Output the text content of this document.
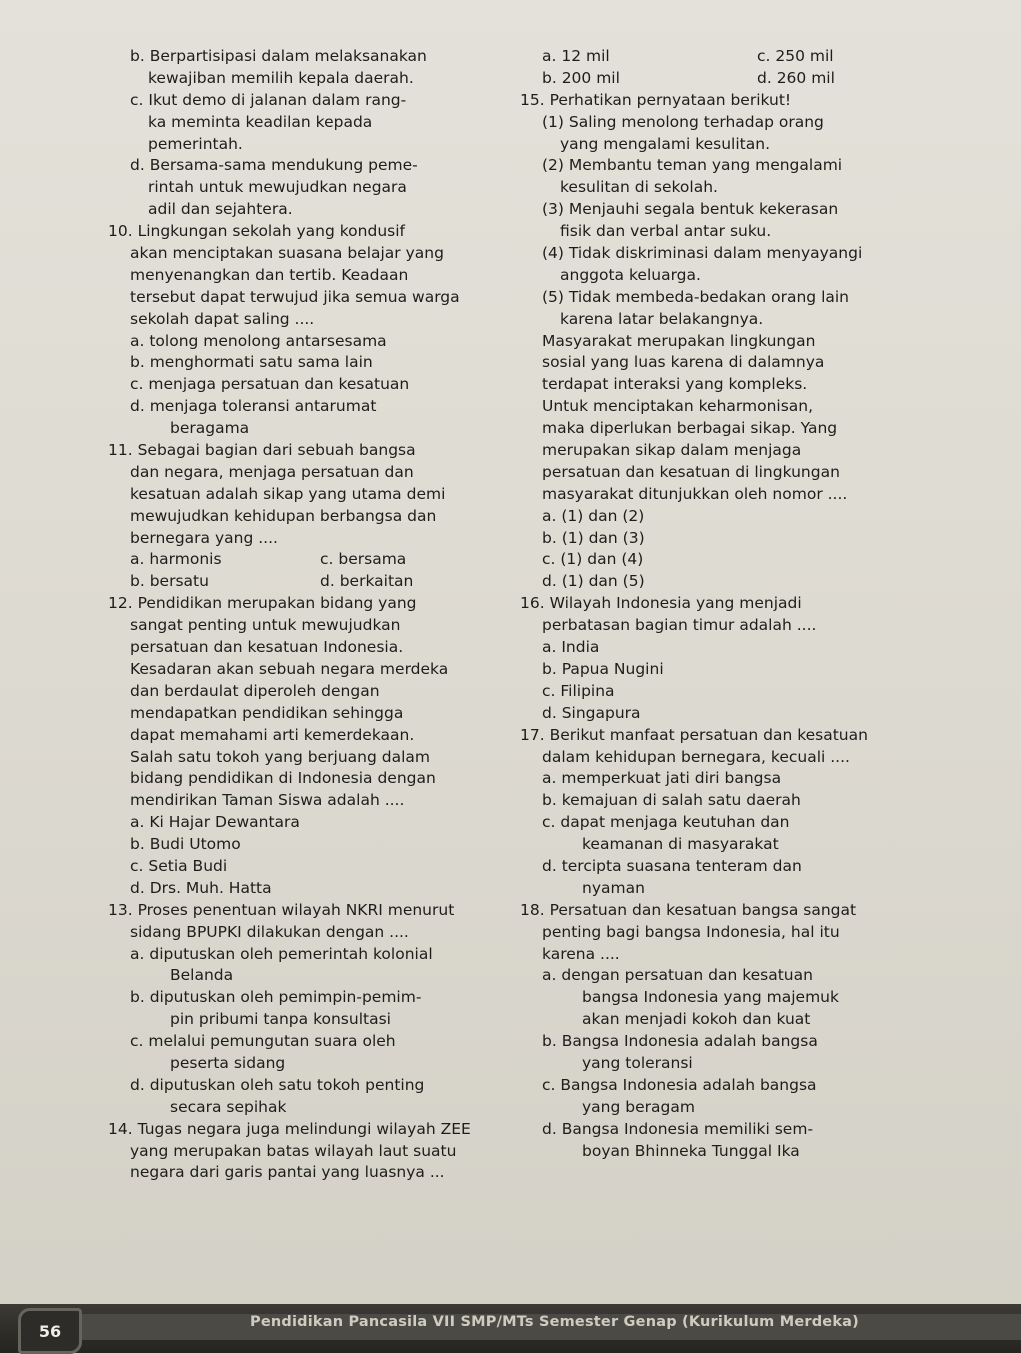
b. Berpartisipasi dalam melaksanakan
kewajiban memilih kepala daerah.
c. Ikut demo di jalanan dalam rang-
ka meminta keadilan kepada
pemerintah.
d. Bersama-sama mendukung peme-
rintah untuk mewujudkan negara
adil dan sejahtera.
10. Lingkungan sekolah yang kondusif
akan menciptakan suasana belajar yang
menyenangkan dan tertib. Keadaan
tersebut dapat terwujud jika semua warga
sekolah dapat saling ....
a. tolong menolong antarsesama
b. menghormati satu sama lain
c. menjaga persatuan dan kesatuan
d. menjaga toleransi antarumat
beragama
11. Sebagai bagian dari sebuah bangsa
dan negara, menjaga persatuan dan
kesatuan adalah sikap yang utama demi
mewujudkan kehidupan berbangsa dan
bernegara yang ....
a. harmonis	c. bersama
b. bersatu	d. berkaitan
12. Pendidikan merupakan bidang yang
sangat penting untuk mewujudkan
persatuan dan kesatuan Indonesia.
Kesadaran akan sebuah negara merdeka
dan berdaulat diperoleh dengan
mendapatkan pendidikan sehingga
dapat memahami arti kemerdekaan.
Salah satu tokoh yang berjuang dalam
bidang pendidikan di Indonesia dengan
mendirikan Taman Siswa adalah ....
a. Ki Hajar Dewantara
b. Budi Utomo
c. Setia Budi
d. Drs. Muh. Hatta
13. Proses penentuan wilayah NKRI menurut
sidang BPUPKI dilakukan dengan ....
a. diputuskan oleh pemerintah kolonial
Belanda
b. diputuskan oleh pemimpin-pemim-
pin pribumi tanpa konsultasi
c. melalui pemungutan suara oleh
peserta sidang
d. diputuskan oleh satu tokoh penting
secara sepihak
14. Tugas negara juga melindungi wilayah ZEE
yang merupakan batas wilayah laut suatu
negara dari garis pantai yang luasnya ...
a. 12 mil	c. 250 mil
b. 200 mil	d. 260 mil
15. Perhatikan pernyataan berikut!
(1) Saling menolong terhadap orang
yang mengalami kesulitan.
(2) Membantu teman yang mengalami
kesulitan di sekolah.
(3) Menjauhi segala bentuk kekerasan
fisik dan verbal antar suku.
(4) Tidak diskriminasi dalam menyayangi
anggota keluarga.
(5) Tidak membeda-bedakan orang lain
karena latar belakangnya.
Masyarakat merupakan lingkungan
sosial yang luas karena di dalamnya
terdapat interaksi yang kompleks.
Untuk menciptakan keharmonisan,
maka diperlukan berbagai sikap. Yang
merupakan sikap dalam menjaga
persatuan dan kesatuan di lingkungan
masyarakat ditunjukkan oleh nomor ....
a. (1) dan (2)
b. (1) dan (3)
c. (1) dan (4)
d. (1) dan (5)
16. Wilayah Indonesia yang menjadi
perbatasan bagian timur adalah ....
a. India
b. Papua Nugini
c. Filipina
d. Singapura
17. Berikut manfaat persatuan dan kesatuan
dalam kehidupan bernegara, kecuali ....
a. memperkuat jati diri bangsa
b. kemajuan di salah satu daerah
c. dapat menjaga keutuhan dan
keamanan di masyarakat
d. tercipta suasana tenteram dan
nyaman
18. Persatuan dan kesatuan bangsa sangat
penting bagi bangsa Indonesia, hal itu
karena ....
a. dengan persatuan dan kesatuan
bangsa Indonesia yang majemuk
akan menjadi kokoh dan kuat
b. Bangsa Indonesia adalah bangsa
yang toleransi
c. Bangsa Indonesia adalah bangsa
yang beragam
d. Bangsa Indonesia memiliki sem-
boyan Bhinneka Tunggal Ika
56	Pendidikan Pancasila VII SMP/MTs Semester Genap (Kurikulum Merdeka)
